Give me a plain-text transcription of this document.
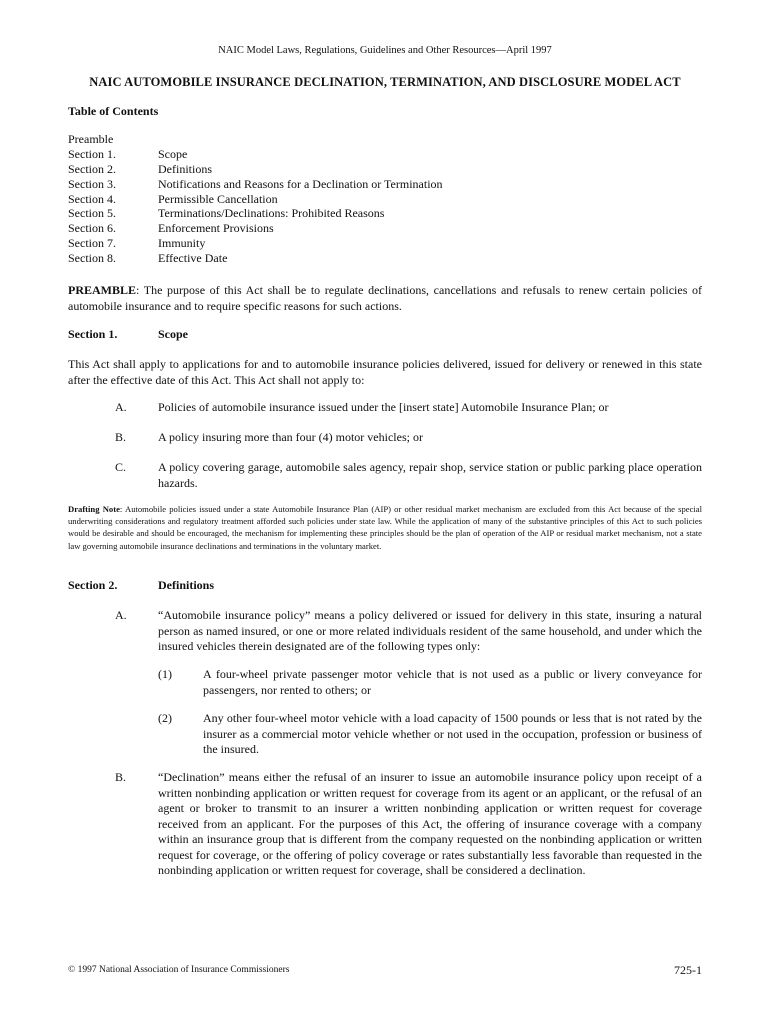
NAIC Model Laws, Regulations, Guidelines and Other Resources—April 1997
NAIC AUTOMOBILE INSURANCE DECLINATION, TERMINATION, AND DISCLOSURE MODEL ACT
Table of Contents
Preamble
Section 1.	Scope
Section 2.	Definitions
Section 3.	Notifications and Reasons for a Declination or Termination
Section 4.	Permissible Cancellation
Section 5.	Terminations/Declinations: Prohibited Reasons
Section 6.	Enforcement Provisions
Section 7.	Immunity
Section 8.	Effective Date
PREAMBLE: The purpose of this Act shall be to regulate declinations, cancellations and refusals to renew certain policies of automobile insurance and to require specific reasons for such actions.
Section 1.	Scope
This Act shall apply to applications for and to automobile insurance policies delivered, issued for delivery or renewed in this state after the effective date of this Act. This Act shall not apply to:
A.	Policies of automobile insurance issued under the [insert state] Automobile Insurance Plan; or
B.	A policy insuring more than four (4) motor vehicles; or
C.	A policy covering garage, automobile sales agency, repair shop, service station or public parking place operation hazards.
Drafting Note: Automobile policies issued under a state Automobile Insurance Plan (AIP) or other residual market mechanism are excluded from this Act because of the special underwriting considerations and regulatory treatment afforded such policies under state law. While the application of many of the substantive principles of this Act to such policies would be desirable and should be encouraged, the mechanism for implementing these principles should be the plan of operation of the AIP or residual market mechanism, not a state law governing automobile insurance declinations and terminations in the voluntary market.
Section 2.	Definitions
A.	“Automobile insurance policy” means a policy delivered or issued for delivery in this state, insuring a natural person as named insured, or one or more related individuals resident of the same household, and under which the insured vehicles therein designated are of the following types only:
(1)	A four-wheel private passenger motor vehicle that is not used as a public or livery conveyance for passengers, nor rented to others; or
(2)	Any other four-wheel motor vehicle with a load capacity of 1500 pounds or less that is not rated by the insurer as a commercial motor vehicle whether or not used in the occupation, profession or business of the insured.
B.	“Declination” means either the refusal of an insurer to issue an automobile insurance policy upon receipt of a written nonbinding application or written request for coverage from its agent or an applicant, or the refusal of an agent or broker to transmit to an insurer a written nonbinding application or written request for coverage received from an applicant. For the purposes of this Act, the offering of insurance coverage with a company within an insurance group that is different from the company requested on the nonbinding application or written request for coverage, or the offering of policy coverage or rates substantially less favorable than requested in the nonbinding application or written request for coverage, shall be considered a declination.
© 1997 National Association of Insurance Commissioners	725-1
